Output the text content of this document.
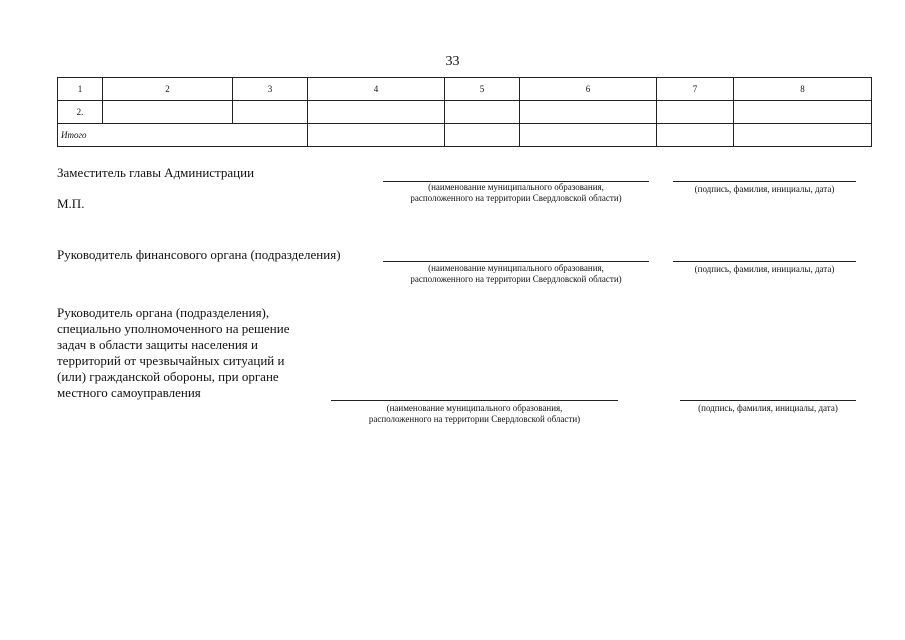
33
1	2	3	4	5	6	7	8
2.							
Итого							
Заместитель главы Администрации
М.П.
(наименование муниципального образования,
расположенного на территории Свердловской области)
(подпись, фамилия, инициалы, дата)
Руководитель финансового органа (подразделения)
(наименование муниципального образования,
расположенного на территории Свердловской области)
(подпись, фамилия, инициалы, дата)
Руководитель органа (подразделения),
специально уполномоченного на решение
задач в области защиты населения и
территорий от чрезвычайных ситуаций и
(или) гражданской обороны, при органе
местного самоуправления
(наименование муниципального образования,
расположенного на территории Свердловской области)
(подпись, фамилия, инициалы, дата)
